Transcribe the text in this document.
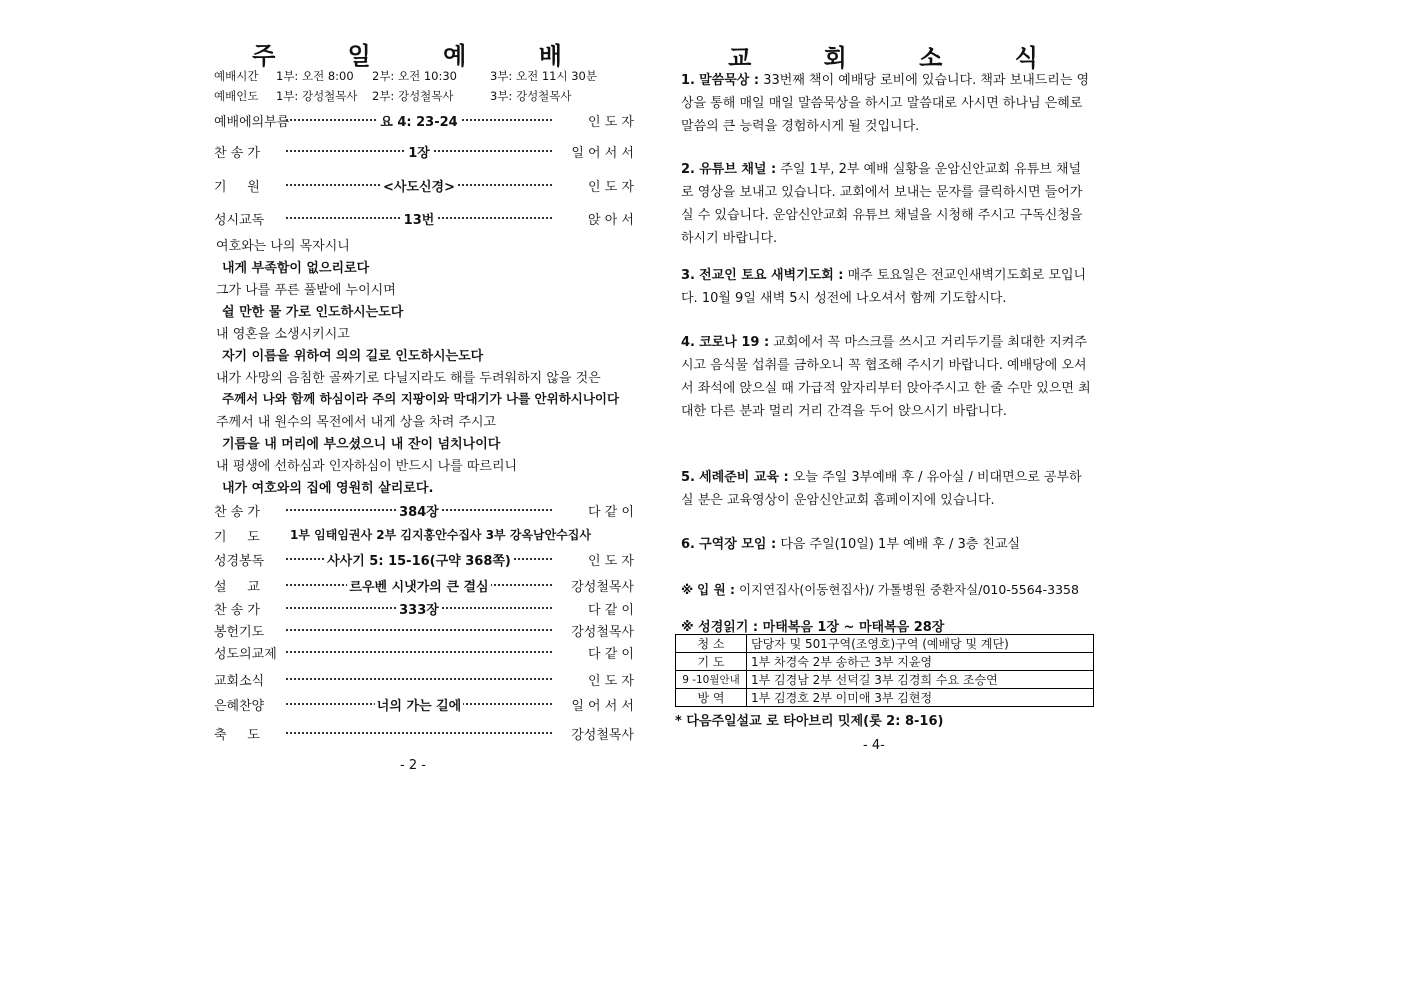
주 일 예 배
예배시간 1부: 오전 8:00 2부: 오전 10:30	3부: 오전 11시 30분
예배인도 1부: 강성철목사 2부: 강성철목사	3부: 강성철목사
예배에의부름	요 4: 23-24	인 도 자
찬 송 가	1장	일 어 서 서
기     원	<사도신경>	인 도 자
성시교독	13번	앉 아 서
여호와는 나의 목자시니
내게 부족함이 없으리로다
그가 나를 푸른 풀밭에 누이시며
쉴 만한 물 가로 인도하시는도다
내 영혼을 소생시키시고
자기 이름을 위하여 의의 길로 인도하시는도다
내가 사망의 음침한 골짜기로 다닐지라도 해를 두려워하지 않을 것은
주께서 나와 함께 하심이라 주의 지팡이와 막대기가 나를 안위하시나이다
주께서 내 원수의 목전에서 내게 상을 차려 주시고
기름을 내 머리에 부으셨으니 내 잔이 넘치나이다
내 평생에 선하심과 인자하심이 반드시 나를 따르리니
내가 여호와의 집에 영원히 살리로다.
찬 송 가	384장	다 같 이
기     도	1부 임태임권사 2부 김지홍안수집사 3부 강옥남안수집사
성경봉독	사사기 5: 15-16(구약 368쪽)	인 도 자
설     교	르우벤 시냇가의 큰 결심	강성철목사
찬 송 가	333장	다 같 이
봉헌기도	강성철목사
성도의교제	다 같 이
교회소식	인 도 자
은혜찬양	너의 가는 길에	일 어 서 서
축     도	강성철목사
- 2 -
교 회 소 식
1. 말씀묵상 : 33번째 책이 예배당 로비에 있습니다. 책과 보내드리는 영상을 통해 매일 매일 말씀묵상을 하시고 말씀대로 사시면 하나님 은혜로 말씀의 큰 능력을 경험하시게 될 것입니다.
2. 유튜브 채널 : 주일 1부, 2부 예배 실황을 운암신안교회 유튜브 채널로 영상을 보내고 있습니다. 교회에서 보내는 문자를 클릭하시면 들어가실 수 있습니다. 운암신안교회 유튜브 채널을 시청해 주시고 구독신청을 하시기 바랍니다.
3. 전교인 토요 새벽기도회 : 매주 토요일은 전교인새벽기도회로 모입니다. 10월 9일 새벽 5시 성전에 나오셔서 함께 기도합시다.
4. 코로나 19 : 교회에서 꼭 마스크를 쓰시고 거리두기를 최대한 지켜주시고 음식물 섭취를 금하오니 꼭 협조해 주시기 바랍니다. 예배당에 오셔서 좌석에 앉으실 때 가급적 앞자리부터 앉아주시고 한 줄 수만 있으면 최대한 다른 분과 멀리 거리 간격을 두어 앉으시기 바랍니다.
5. 세례준비 교육 : 오늘 주일 3부예배 후 / 유아실 / 비대면으로 공부하실 분은 교육영상이 운암신안교회 홈페이지에 있습니다.
6. 구역장 모임 : 다음 주일(10일) 1부 예배 후 / 3층 친교실
※ 입 원 : 이지연집사(이동현집사)/ 가톨병원 중환자실/010-5564-3358
※ 성경읽기 : 마태복음 1장 ~ 마태복음 28장
청 소	담당자 및 501구역(조영호)구역 (예배당 및 계단)
기 도	1부 차경숙 2부 송하근 3부 지윤영
9 -10월안내	1부 김경남 2부 선덕길 3부 김경희 수요 조승연
방 역	1부 김경호 2부 이미애 3부 김현정
* 다음주일설교 로 타아브리 밋제(롯 2: 8-16)
- 4-
